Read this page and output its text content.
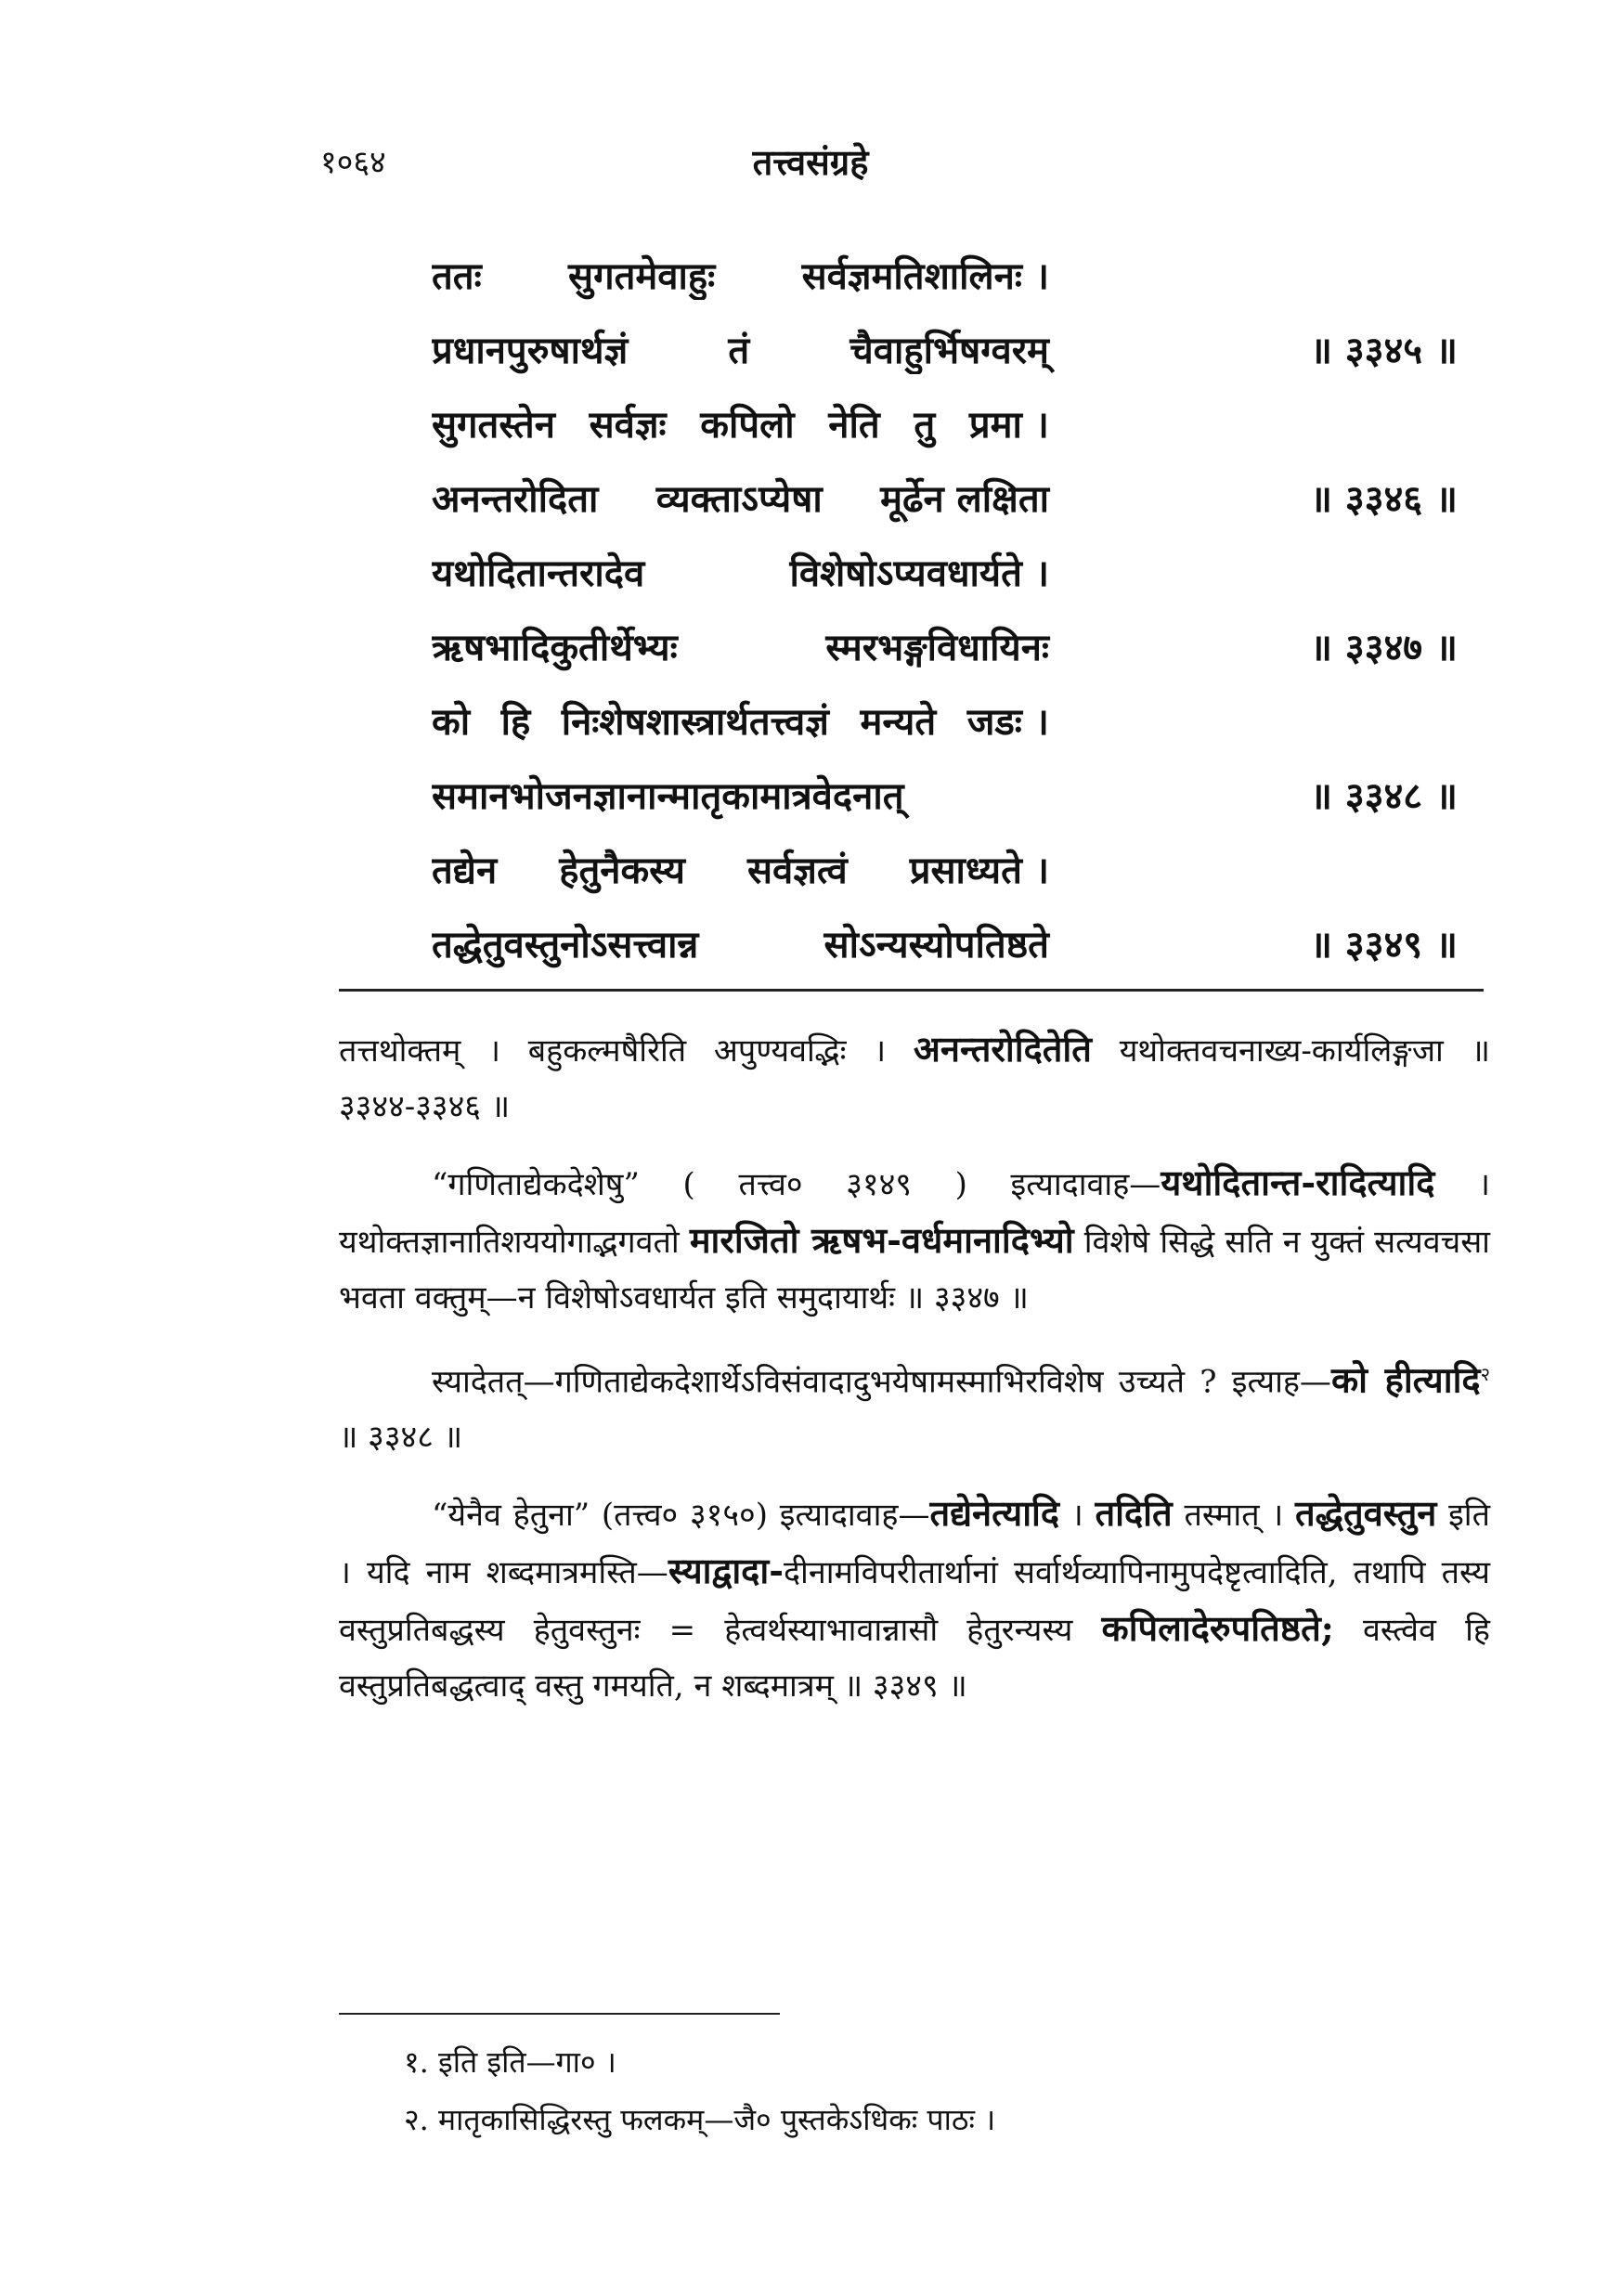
१०६४	तत्त्वसंग्रहे
ततः सुगतमेवाहुः सर्वज्ञमतिशालिनः ।
प्रधानपुरुषार्थज्ञं	तं	चैवाहुर्भिषग्वरम्	॥ ३३४५ ॥
सुगतस्तेन सर्वज्ञः कपिलो नेति तु प्रमा ।
अनन्तरोदिता व्यक्ताऽप्येषा मूर्ढेन लक्षिता	॥ ३३४६ ॥
यथोदितान्तरादेव	विशेषोऽप्यवधार्यते ।
ऋषभादिकुतीर्थेभ्यः	स्मरभङ्गविधायिनः	॥ ३३४७ ॥
को हि निःशेषशास्त्रार्थतत्त्वज्ञं मन्यते जडः ।
समानभोजनज्ञानान्मातृकामात्रवेदनात्	॥ ३३४८ ॥
तद्येन हेतुनैकस्य सर्वज्ञत्वं प्रसाध्यते ।
तद्धेतुवस्तुनोऽसत्त्वान्न	सोऽन्यस्योपतिष्ठते	॥ ३३४९ ॥

तत्तथोक्तम् । बहुकल्मषैरिति अपुण्यवद्भिः । अनन्तरोदितेति यथोक्तवचनाख्य-कार्यलिङ्गजा ॥ ३३४४-३३४६ ॥

“गणिताद्येकदेशेषु” ( तत्त्व० ३१४९ ) इत्यादावाह—यथोदितान्त-रादित्यादि । यथोक्तज्ञानातिशययोगाद्भगवतो मारजितो ऋषभ-वर्धमानादिभ्यो विशेषे सिद्धे सति न युक्तं सत्यवचसा भवता वक्तुम्—न विशेषोऽवधार्यत इति समुदायार्थः ॥ ३३४७ ॥

स्यादेतत्—गणिताद्येकदेशार्थेऽविसंवादादुभयेषामस्माभिरविशेष उच्यते ? इत्याह—को हीत्यादि$^२$ ॥ ३३४८ ॥

“येनैव हेतुना” (तत्त्व० ३१५०) इत्यादावाह—तद्येनेत्यादि । तदिति तस्मात् । तद्धेतुवस्तुन इति । यदि नाम शब्दमात्रमस्ति—स्याद्वादा-दीनामविपरीतार्थानां सर्वार्थव्यापिनामुपदेष्टृत्वादिति, तथापि तस्य वस्तुप्रतिबद्धस्य हेतुवस्तुनः = हेत्वर्थस्याभावान्नासौ हेतुरन्यस्य कपिलादेरुपतिष्ठते; वस्त्वेव हि वस्तुप्रतिबद्धत्वाद् वस्तु गमयति, न शब्दमात्रम् ॥ ३३४९ ॥

१. इति इति—गा० ।
२. मातृकासिद्धिरस्तु फलकम्—जै० पुस्तकेऽधिकः पाठः ।
